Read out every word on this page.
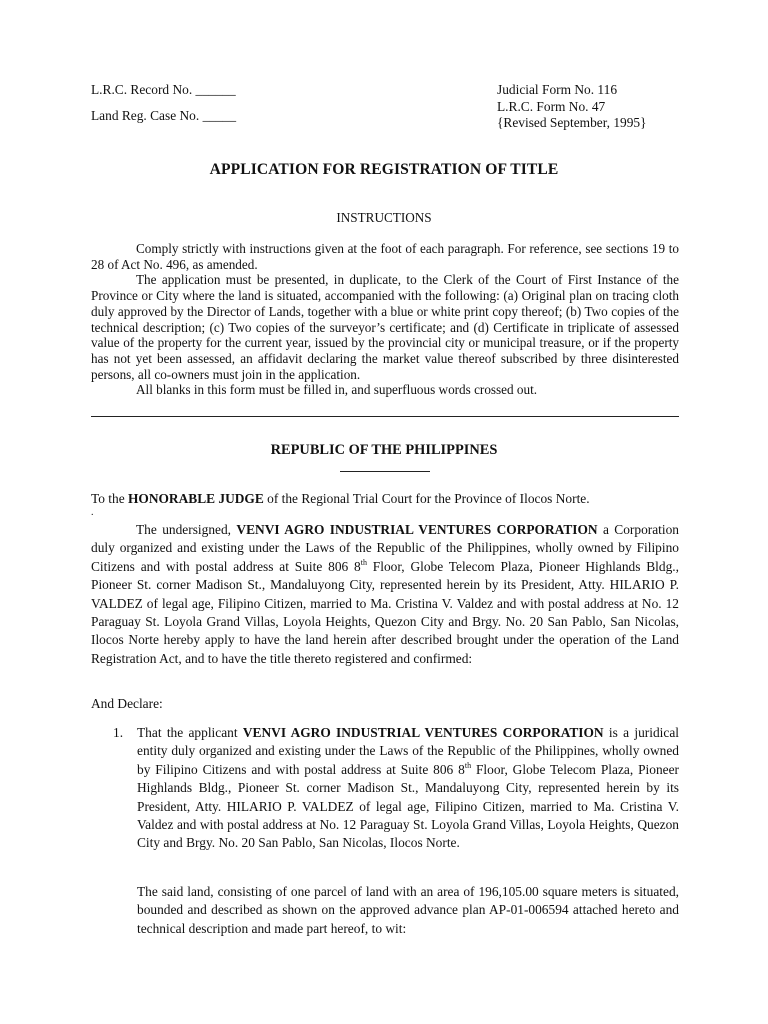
L.R.C. Record No. ______
Land Reg. Case No. _____
Judicial Form No. 116
L.R.C. Form No. 47
{Revised September, 1995}
APPLICATION FOR REGISTRATION OF TITLE
INSTRUCTIONS

Comply strictly with instructions given at the foot of each paragraph. For reference, see sections 19 to 28 of Act No. 496, as amended.

The application must be presented, in duplicate, to the Clerk of the Court of First Instance of the Province or City where the land is situated, accompanied with the following: (a) Original plan on tracing cloth duly approved by the Director of Lands, together with a blue or white print copy thereof; (b) Two copies of the technical description; (c) Two copies of the surveyor’s certificate; and (d) Certificate in triplicate of assessed value of the property for the current year, issued by the provincial city or municipal treasure, or if the property has not yet been assessed, an affidavit declaring the market value thereof subscribed by three disinterested persons, all co-owners must join in the application.

All blanks in this form must be filled in, and superfluous words crossed out.

REPUBLIC OF THE PHILIPPINES
To the HONORABLE JUDGE of the Regional Trial Court for the Province of Ilocos Norte.
.

The undersigned, VENVI AGRO INDUSTRIAL VENTURES CORPORATION a Corporation duly organized and existing under the Laws of the Republic of the Philippines, wholly owned by Filipino Citizens and with postal address at Suite 806 8th Floor, Globe Telecom Plaza, Pioneer Highlands Bldg., Pioneer St. corner Madison St., Mandaluyong City, represented herein by its President, Atty. HILARIO P. VALDEZ of legal age, Filipino Citizen, married to Ma. Cristina V. Valdez and with postal address at No. 12 Paraguay St. Loyola Grand Villas, Loyola Heights, Quezon City and Brgy. No. 20 San Pablo, San Nicolas, Ilocos Norte hereby apply to have the land herein after described brought under the operation of the Land Registration Act, and to have the title thereto registered and confirmed:

And Declare:
1. That the applicant VENVI AGRO INDUSTRIAL VENTURES CORPORATION is a juridical entity duly organized and existing under the Laws of the Republic of the Philippines, wholly owned by Filipino Citizens and with postal address at Suite 806 8th Floor, Globe Telecom Plaza, Pioneer Highlands Bldg., Pioneer St. corner Madison St., Mandaluyong City, represented herein by its President, Atty. HILARIO P. VALDEZ of legal age, Filipino Citizen, married to Ma. Cristina V. Valdez and with postal address at No. 12 Paraguay St. Loyola Grand Villas, Loyola Heights, Quezon City and Brgy. No. 20 San Pablo, San Nicolas, Ilocos Norte.

The said land, consisting of one parcel of land with an area of 196,105.00 square meters is situated, bounded and described as shown on the approved advance plan AP-01-006594 attached hereto and technical description and made part hereof, to wit:
